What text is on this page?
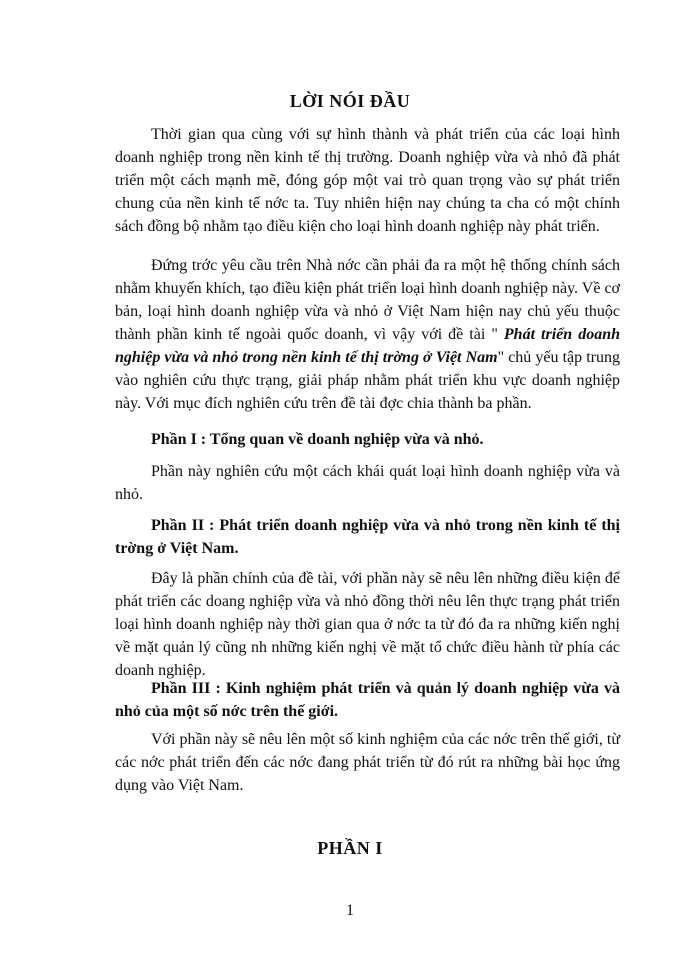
LỜI NÓI ĐẦU

Thời gian qua cùng với sự hình thành và phát triển của các loại hình doanh nghiệp trong nền kinh tế thị trường. Doanh nghiệp vừa và nhỏ đã phát triển một cách mạnh mẽ, đóng góp một vai trò quan trọng vào sự phát triển chung của nền kinh tế nớc ta. Tuy nhiên hiện nay chúng ta cha có một chính sách đồng bộ nhằm tạo điều kiện cho loại hình doanh nghiệp này phát triển.

Đứng trớc yêu cầu trên Nhà nớc cần phải đa ra một hệ thống chính sách nhằm khuyến khích, tạo điều kiện phát triển loại hình doanh nghiệp này. Về cơ bản, loại hình doanh nghiệp vừa và nhỏ ở Việt Nam hiện nay chủ yếu thuộc thành phần kinh tế ngoài quốc doanh, vì vậy với đề tài " Phát triển doanh nghiệp vừa và nhỏ trong nền kinh tế thị trờng ở Việt Nam" chủ yếu tập trung vào nghiên cứu thực trạng, giải pháp nhằm phát triển khu vực doanh nghiệp này. Với mục đích nghiên cứu trên đề tài đợc chia thành ba phần.

Phần I : Tổng quan về doanh nghiệp vừa và nhỏ.

Phần này nghiên cứu một cách khái quát loại hình doanh nghiệp vừa và nhỏ.

Phần II : Phát triển doanh nghiệp vừa và nhỏ trong nền kinh tế thị trờng ở Việt Nam.

Đây là phần chính của đề tài, với phần này sẽ nêu lên những điều kiện để phát triển các doang nghiệp vừa và nhỏ đồng thời nêu lên thực trạng phát triển loại hình doanh nghiệp này thời gian qua ở nớc ta từ đó đa ra những kiến nghị về mặt quản lý cũng nh những kiến nghị về mặt tổ chức điều hành từ phía các doanh nghiệp.

Phần III : Kinh nghiệm phát triển và quản lý doanh nghiệp vừa và nhỏ của một số nớc trên thế giới.

Với phần này sẽ nêu lên một số kinh nghiệm của các nớc trên thế giới, từ các nớc phát triển đến các nớc đang phát triển từ đó rút ra những bài học ứng dụng vào Việt Nam.

PHẦN I
1
